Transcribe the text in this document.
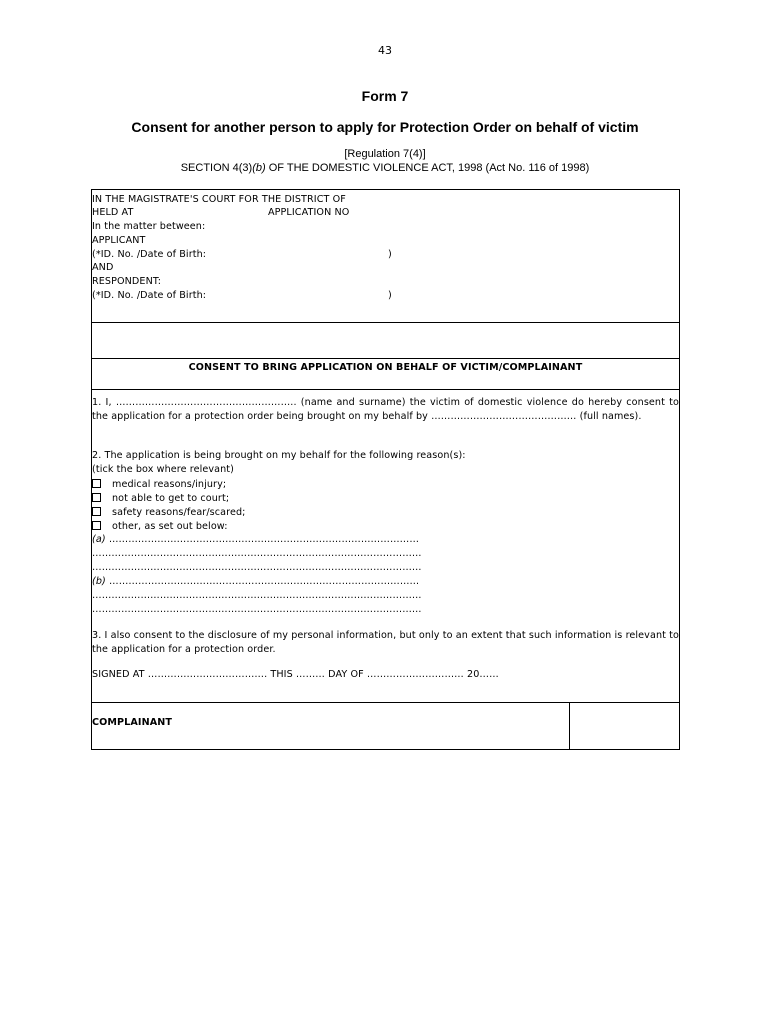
43
Form 7
Consent for another person to apply for Protection Order on behalf of victim
[Regulation 7(4)]
SECTION 4(3)(b) OF THE DOMESTIC VIOLENCE ACT, 1998 (Act No. 116 of 1998)
IN THE MAGISTRATE'S COURT FOR THE DISTRICT OF
HELD AT	APPLICATION NO
In the matter between:
APPLICANT
(*ID. No. /Date of Birth:	)
AND
RESPONDENT:
(*ID. No. /Date of Birth:	)
CONSENT TO BRING APPLICATION ON BEHALF OF VICTIM/COMPLAINANT
1. I, ……………………………………………….. (name and surname) the victim of domestic violence do hereby consent to the application for a protection order being brought on my behalf by ……………………………………… (full names).
2. The application is being brought on my behalf for the following reason(s):
(tick the box where relevant)
medical reasons/injury;
not able to get to court;
safety reasons/fear/scared;
other, as set out below:
(a) ……………………………………………………………………………………
…………………………………………………………………………………………
…………………………………………………………………………………………
(b) ……………………………………………………………………………………
…………………………………………………………………………………………
…………………………………………………………………………………………
3. I also consent to the disclosure of my personal information, but only to an extent that such information is relevant to the application for a protection order.
SIGNED AT ………………………………. THIS ……… DAY OF ………………………… 20……
COMPLAINANT
